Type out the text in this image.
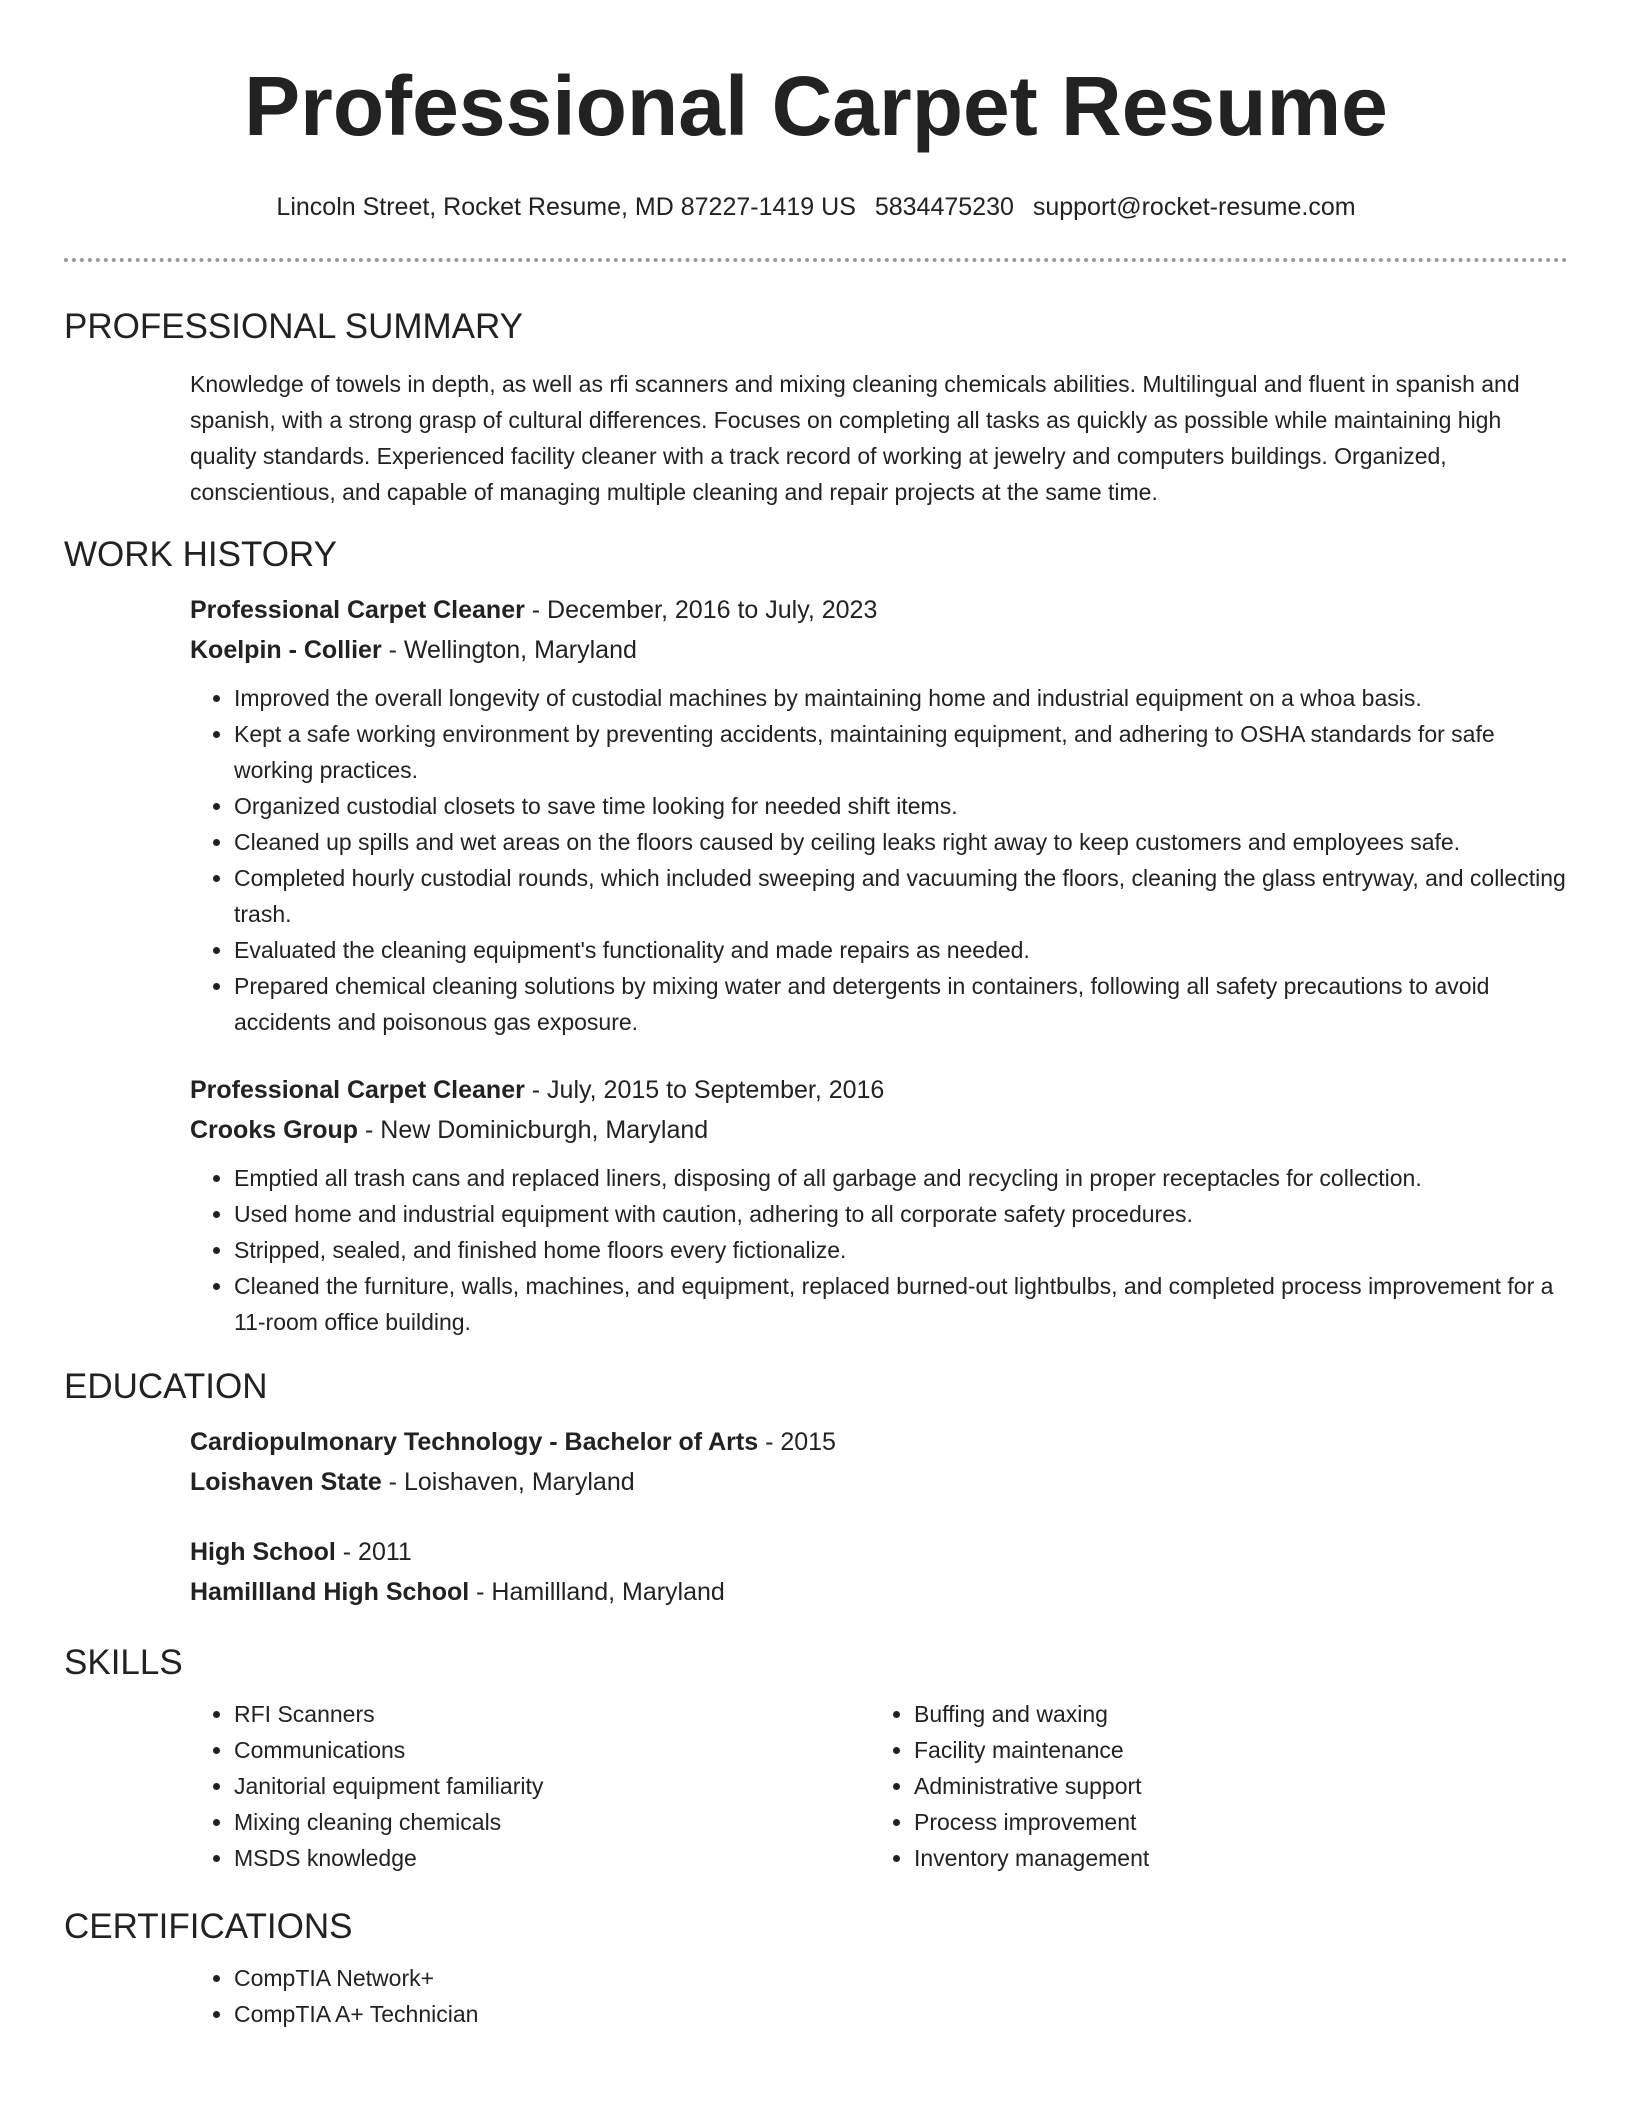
Professional Carpet Resume
Lincoln Street, Rocket Resume, MD 87227-1419 US 5834475230 support@rocket-resume.com
PROFESSIONAL SUMMARY

Knowledge of towels in depth, as well as rfi scanners and mixing cleaning chemicals abilities. Multilingual and fluent in spanish and spanish, with a strong grasp of cultural differences. Focuses on completing all tasks as quickly as possible while maintaining high quality standards. Experienced facility cleaner with a track record of working at jewelry and computers buildings. Organized, conscientious, and capable of managing multiple cleaning and repair projects at the same time.

WORK HISTORY
Professional Carpet Cleaner - December, 2016 to July, 2023
Koelpin - Collier - Wellington, Maryland
• Improved the overall longevity of custodial machines by maintaining home and industrial equipment on a whoa basis.
• Kept a safe working environment by preventing accidents, maintaining equipment, and adhering to OSHA standards for safe working practices.
• Organized custodial closets to save time looking for needed shift items.
• Cleaned up spills and wet areas on the floors caused by ceiling leaks right away to keep customers and employees safe.
• Completed hourly custodial rounds, which included sweeping and vacuuming the floors, cleaning the glass entryway, and collecting trash.
• Evaluated the cleaning equipment's functionality and made repairs as needed.
• Prepared chemical cleaning solutions by mixing water and detergents in containers, following all safety precautions to avoid accidents and poisonous gas exposure.
Professional Carpet Cleaner - July, 2015 to September, 2016
Crooks Group - New Dominicburgh, Maryland
• Emptied all trash cans and replaced liners, disposing of all garbage and recycling in proper receptacles for collection.
• Used home and industrial equipment with caution, adhering to all corporate safety procedures.
• Stripped, sealed, and finished home floors every fictionalize.
• Cleaned the furniture, walls, machines, and equipment, replaced burned-out lightbulbs, and completed process improvement for a 11-room office building.
EDUCATION
Cardiopulmonary Technology - Bachelor of Arts - 2015
Loishaven State - Loishaven, Maryland
High School - 2011
Hamillland High School - Hamillland, Maryland
SKILLS
• RFI Scanners
• Communications
• Janitorial equipment familiarity
• Mixing cleaning chemicals
• MSDS knowledge
• Buffing and waxing
• Facility maintenance
• Administrative support
• Process improvement
• Inventory management
CERTIFICATIONS
• CompTIA Network+
• CompTIA A+ Technician
